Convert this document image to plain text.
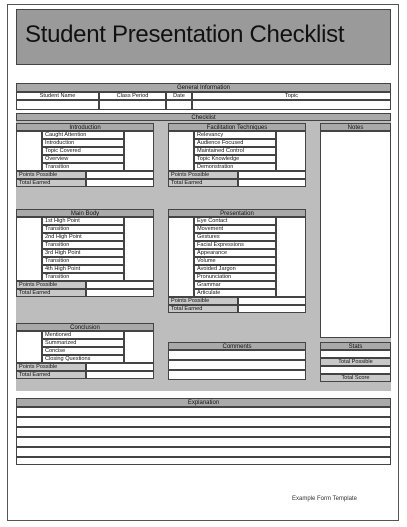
Student Presentation Checklist
General Information
Student Name	Class Period	Date	Topic
Checklist
Introduction
Caught Attention
Introduction
Topic Covered
Overview
Transition
Points Possible
Total Earned
Facilitation Techniques
Relevancy
Audience Focused
Maintained Control
Topic Knowledge
Demonstration
Points Possible
Total Earned
Notes
Main Body
1st High Point
Transition
2nd High Point
Transition
3rd High Point
Transition
4th High Point
Transition
Points Possible
Total Earned
Presentation
Eye Contact
Movement
Gestures
Facial Expressions
Appearance
Volume
Avoided Jargon
Pronunciation
Grammar
Articulate
Points Possible
Total Earned
Conclusion
Mentioned
Summarized
Concise
Closing Questions
Points Possible
Total Earned
Comments	Stats
Total Possible
Total Score
Explanation
Example Form Template
